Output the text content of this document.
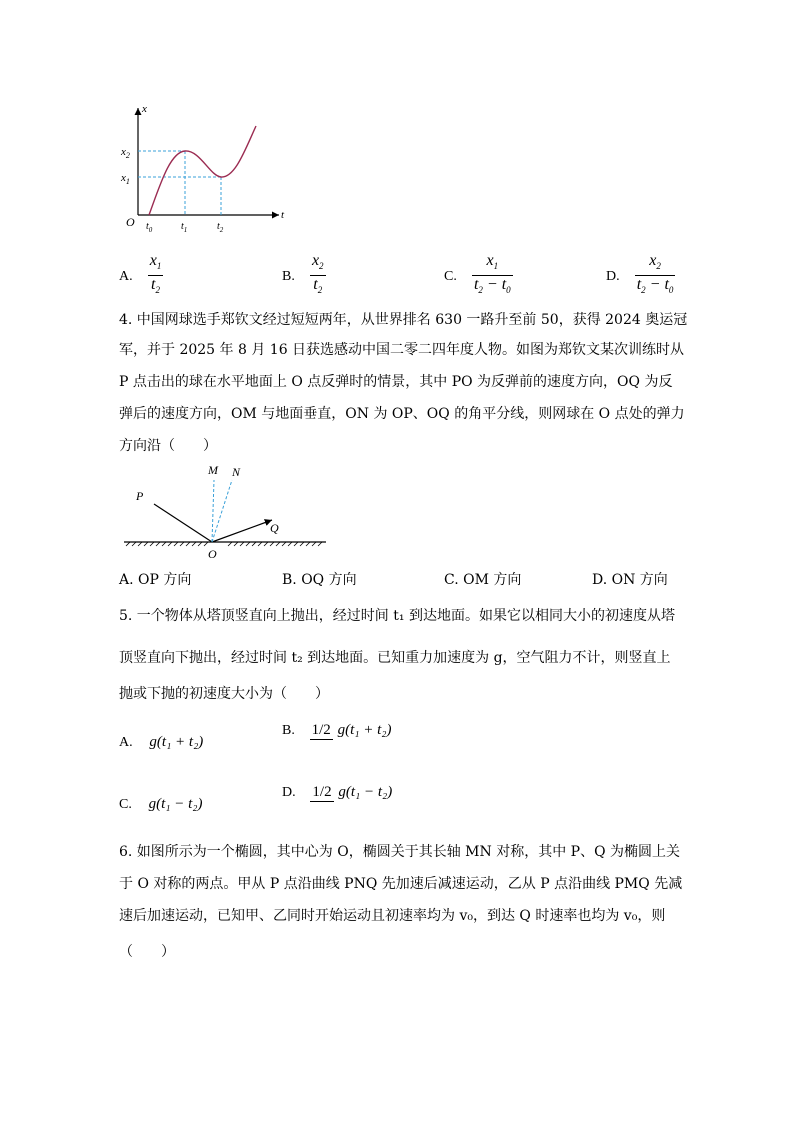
x
t
O
$x_2$
$x_1$
$t_0$	$t_1$	$t_2$
A. $\frac{x_1}{t_2}$	B. $\frac{x_2}{t_2}$	C. $\frac{x_1}{t_2 - t_0}$	D. $\frac{x_2}{t_2 - t_0}$
4. 中国网球选手郑钦文经过短短两年，从世界排名 630 一路升至前 50，获得 2024 奥运冠
军，并于 2025 年 8 月 16 日获选感动中国二零二四年度人物。如图为郑钦文某次训练时从
P 点击出的球在水平地面上 O 点反弹时的情景，其中 PO 为反弹前的速度方向，OQ 为反
弹后的速度方向，OM 与地面垂直，ON 为 OP、OQ 的角平分线，则网球在 O 点处的弹力
方向沿（　　）
M N
P
Q
O
A. OP 方向	B. OQ 方向	C. OM 方向	D. ON 方向
5. 一个物体从塔顶竖直向上抛出，经过时间 t₁ 到达地面。如果它以相同大小的初速度从塔
顶竖直向下抛出，经过时间 t₂ 到达地面。已知重力加速度为 g，空气阻力不计，则竖直上
抛或下抛的初速度大小为（　　）
A. g(t₁ + t₂)
B. 1/2 g(t₁ + t₂)
C. g(t₁ − t₂)
D. 1/2 g(t₁ − t₂)
6. 如图所示为一个椭圆，其中心为 O，椭圆关于其长轴 MN 对称，其中 P、Q 为椭圆上关
于 O 对称的两点。甲从 P 点沿曲线 PNQ 先加速后减速运动，乙从 P 点沿曲线 PMQ 先减
速后加速运动，已知甲、乙同时开始运动且初速率均为 v₀，到达 Q 时速率也均为 v₀，则
（　　）
